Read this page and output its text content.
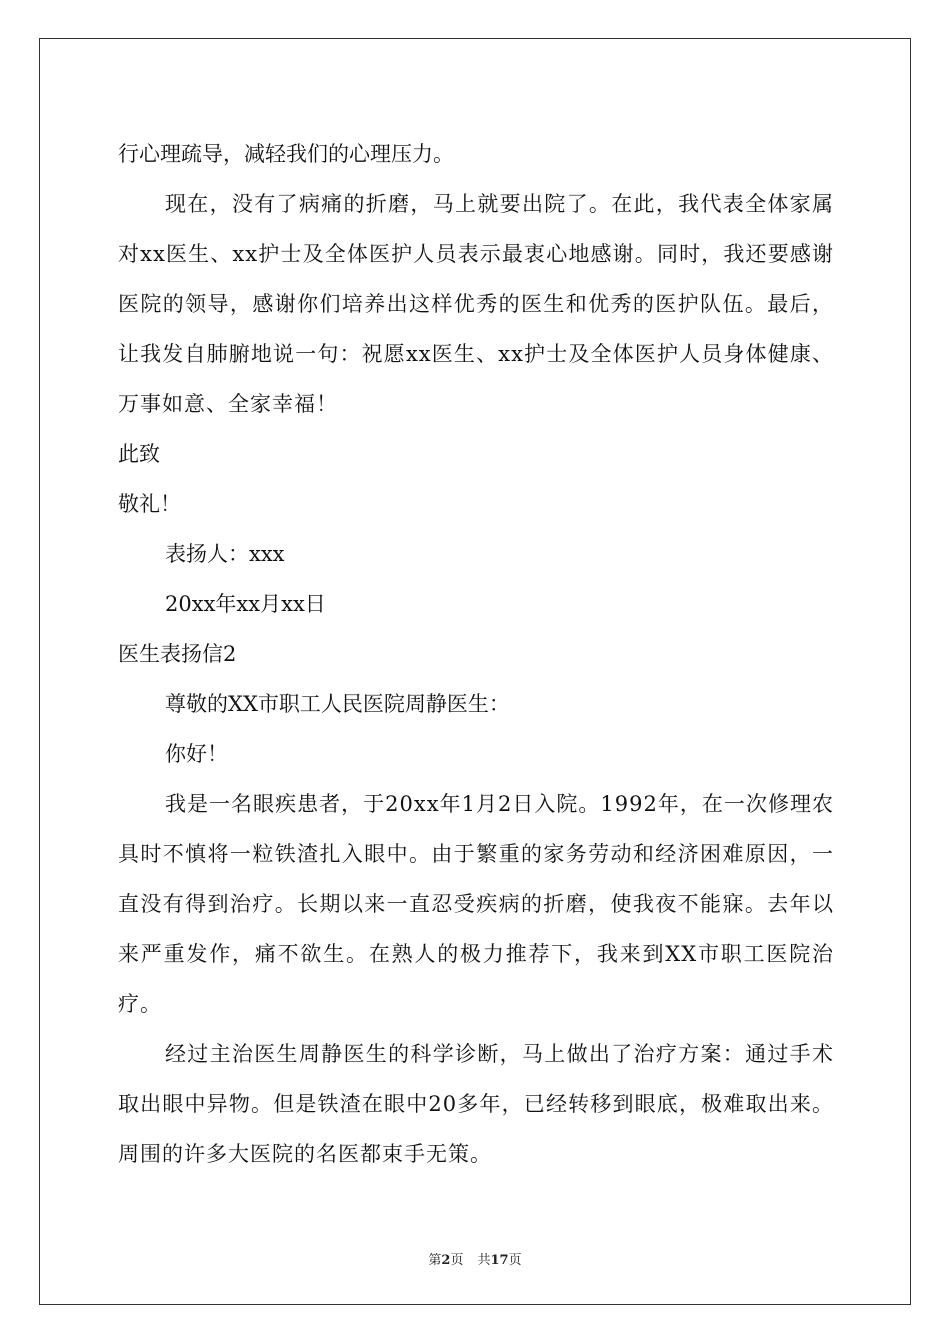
行心理疏导，减轻我们的心理压力。

现在，没有了病痛的折磨，马上就要出院了。在此，我代表全体家属对xx医生、xx护士及全体医护人员表示最衷心地感谢。同时，我还要感谢医院的领导，感谢你们培养出这样优秀的医生和优秀的医护队伍。最后，让我发自肺腑地说一句：祝愿xx医生、xx护士及全体医护人员身体健康、万事如意、全家幸福！

此致
敬礼！
表扬人：xxx
20xx年xx月xx日
医生表扬信2
尊敬的XX市职工人民医院周静医生：
你好！

我是一名眼疾患者，于20xx年1月2日入院。1992年，在一次修理农具时不慎将一粒铁渣扎入眼中。由于繁重的家务劳动和经济困难原因，一直没有得到治疗。长期以来一直忍受疾病的折磨，使我夜不能寐。去年以来严重发作，痛不欲生。在熟人的极力推荐下，我来到XX市职工医院治疗。

经过主治医生周静医生的科学诊断，马上做出了治疗方案：通过手术取出眼中异物。但是铁渣在眼中20多年，已经转移到眼底，极难取出来。周围的许多大医院的名医都束手无策。

第2页 共17页
